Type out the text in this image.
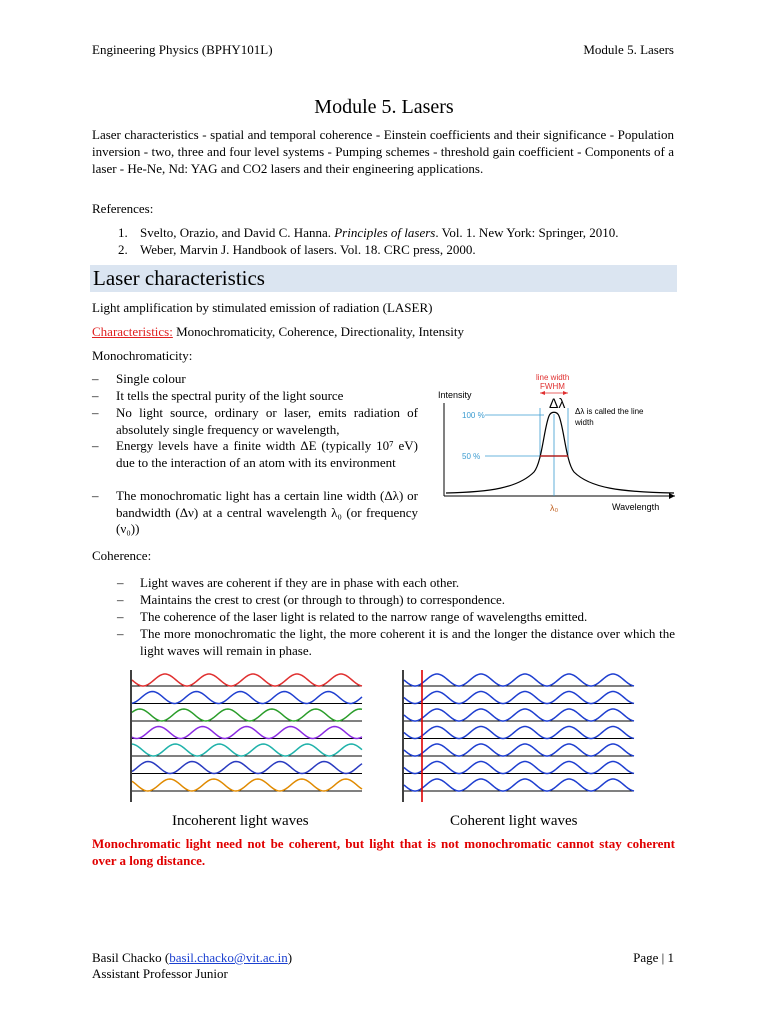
Engineering Physics (BPHY101L)	Module 5. Lasers
Module 5. Lasers
Laser characteristics - spatial and temporal coherence - Einstein coefficients and their significance - Population inversion - two, three and four level systems - Pumping schemes - threshold gain coefficient - Components of a laser - He-Ne, Nd: YAG and CO2 lasers and their engineering applications.
References:
1. Svelto, Orazio, and David C. Hanna. Principles of lasers. Vol. 1. New York: Springer, 2010.
2. Weber, Marvin J. Handbook of lasers. Vol. 18. CRC press, 2000.
Laser characteristics
Light amplification by stimulated emission of radiation (LASER)
Characteristics: Monochromaticity, Coherence, Directionality, Intensity
Monochromaticity:
– Single colour
– It tells the spectral purity of the light source
– No light source, ordinary or laser, emits radiation of absolutely single frequency or wavelength,
– Energy levels have a finite width ΔE (typically 10⁷ eV) due to the interaction of an atom with its environment
– The monochromatic light has a certain line width (Δλ) or bandwidth (Δν) at a central wavelength λ₀ (or frequency (ν₀))
Intensity
100 %
50 %
line width
FWHM
Δλ
Δλ is called the line
width
λ₀	Wavelength
Coherence:
– Light waves are coherent if they are in phase with each other.
– Maintains the crest to crest (or through to through) to correspondence.
– The coherence of the laser light is related to the narrow range of wavelengths emitted.
– The more monochromatic the light, the more coherent it is and the longer the distance over which the light waves will remain in phase.
Incoherent light waves	Coherent light waves
Monochromatic light need not be coherent, but light that is not monochromatic cannot stay coherent over a long distance.
Basil Chacko (basil.chacko@vit.ac.in)	Page | 1
Assistant Professor Junior
